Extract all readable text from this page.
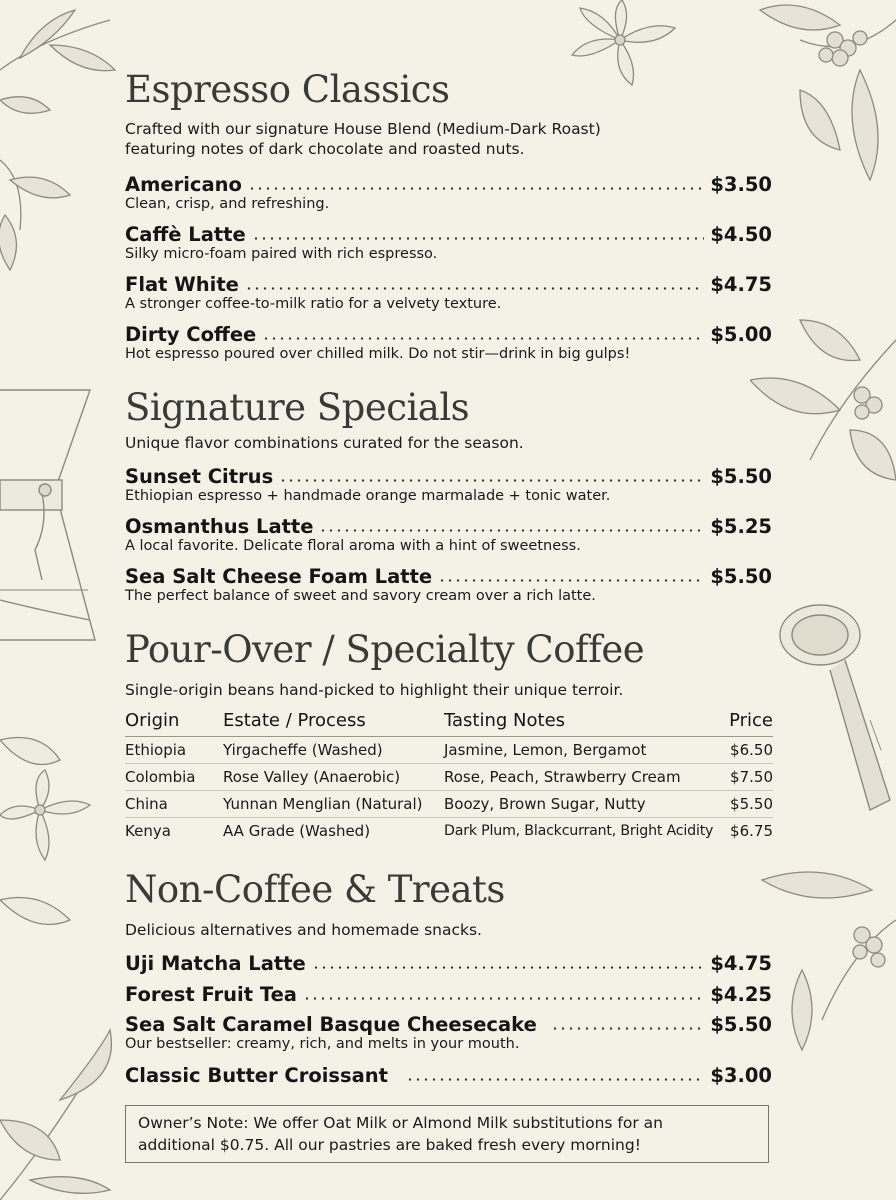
Espresso Classics

Crafted with our signature House Blend (Medium-Dark Roast)
featuring notes of dark chocolate and roasted nuts.

Americano	$3.50

Clean, crisp, and refreshing.

Caffè Latte	$4.50

Silky micro-foam paired with rich espresso.

Flat White	$4.75

A stronger coffee-to-milk ratio for a velvety texture.

Dirty Coffee	$5.00

Hot espresso poured over chilled milk. Do not stir—drink in big gulps!

Signature Specials

Unique flavor combinations curated for the season.

Sunset Citrus	$5.50

Ethiopian espresso + handmade orange marmalade + tonic water.

Osmanthus Latte	$5.25

A local favorite. Delicate floral aroma with a hint of sweetness.

Sea Salt Cheese Foam Latte	$5.50

The perfect balance of sweet and savory cream over a rich latte.

Pour-Over / Specialty Coffee

Single-origin beans hand-picked to highlight their unique terroir.

Origin	Estate / Process	Tasting Notes	Price
Ethiopia	Yirgacheffe (Washed)	Jasmine, Lemon, Bergamot	$6.50
Colombia	Rose Valley (Anaerobic)	Rose, Peach, Strawberry Cream	$7.50
China	Yunnan Menglian (Natural)	Boozy, Brown Sugar, Nutty	$5.50
Kenya	AA Grade (Washed)	Dark Plum, Blackcurrant, Bright Acidity	$6.75
Non-Coffee & Treats

Delicious alternatives and homemade snacks.

Uji Matcha Latte	$4.75
Forest Fruit Tea	$4.25
Sea Salt Caramel Basque Cheesecake	$5.50

Our bestseller: creamy, rich, and melts in your mouth.

Classic Butter Croissant	$3.00
Owner’s Note: We offer Oat Milk or Almond Milk substitutions for an
additional $0.75. All our pastries are baked fresh every morning!
